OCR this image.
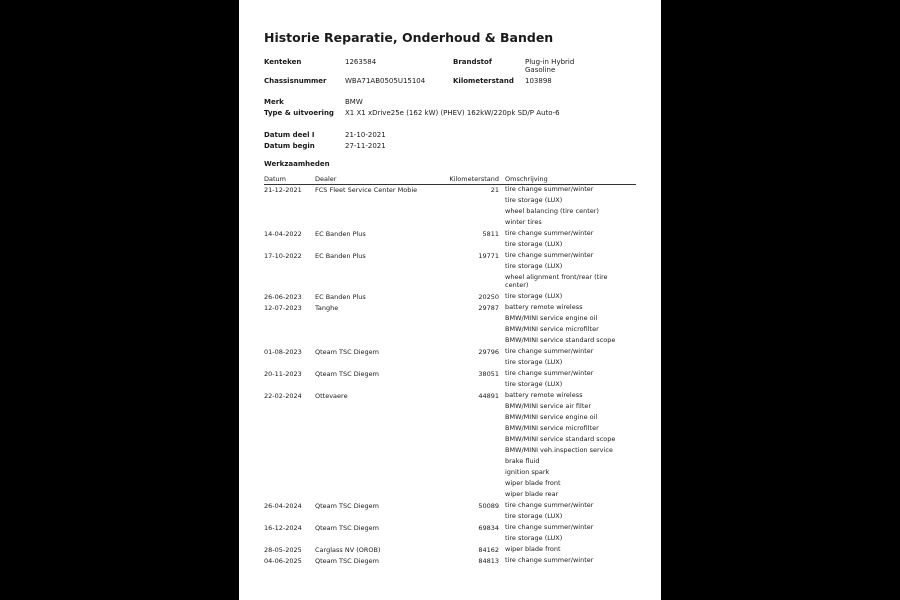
Historie Reparatie, Onderhoud & Banden
Kenteken	1263584	Brandstof	Plug-in Hybrid
Gasoline
Chassisnummer	WBA71AB0505U15104	Kilometerstand 103898
Merk	BMW
Type & uitvoering X1 X1 xDrive25e (162 kW) (PHEV) 162kW/220pk SD/P Auto-6
Datum deel I	21-10-2021
Datum begin	27-11-2021
Werkzaamheden
Datum	Dealer	Kilometerstand Omschrijving
21-12-2021 FCS Fleet Service Center Mobie	21 tire change summer/winter
tire storage (LUX)
wheel balancing (tire center)
winter tires
14-04-2022 EC Banden Plus	5811 tire change summer/winter
tire storage (LUX)
17-10-2022 EC Banden Plus	19771 tire change summer/winter
tire storage (LUX)
wheel alignment front/rear (tire center)
26-06-2023 EC Banden Plus	20250 tire storage (LUX)
12-07-2023 Tanghe	29787 battery remote wireless
BMW/MINI service engine oil
BMW/MINI service microfilter
BMW/MINI service standard scope
01-08-2023 Qteam TSC Diegem	29796 tire change summer/winter
tire storage (LUX)
20-11-2023 Qteam TSC Diegem	38051 tire change summer/winter
tire storage (LUX)
22-02-2024 Ottevaere	44891 battery remote wireless
BMW/MINI service air filter
BMW/MINI service engine oil
BMW/MINI service microfilter
BMW/MINI service standard scope
BMW/MINI veh.inspection service
brake fluid
ignition spark
wiper blade front
wiper blade rear
26-04-2024 Qteam TSC Diegem	50089 tire change summer/winter
tire storage (LUX)
16-12-2024 Qteam TSC Diegem	69834 tire change summer/winter
tire storage (LUX)
28-05-2025 Carglass NV (OROB)	84162 wiper blade front
04-06-2025 Qteam TSC Diegem	84813 tire change summer/winter
